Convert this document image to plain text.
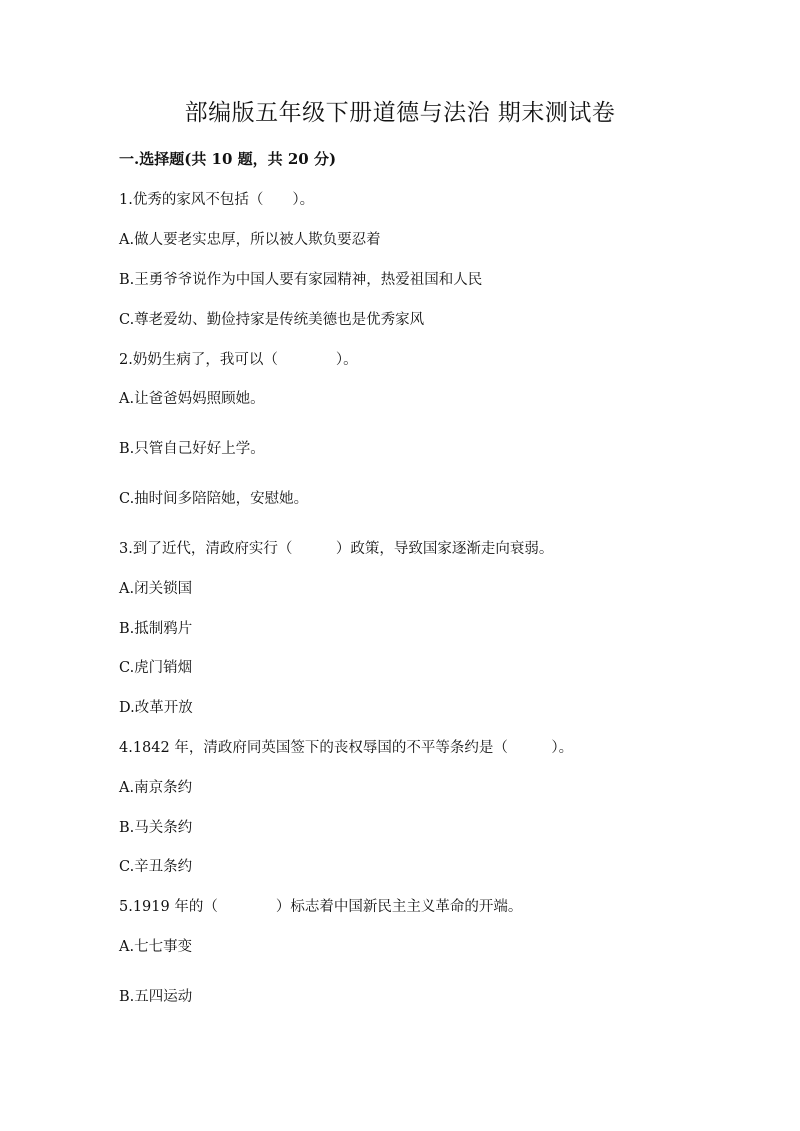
部编版五年级下册道德与法治 期末测试卷

一.选择题(共 10 题，共 20 分)

1.优秀的家风不包括（　　）。

A.做人要老实忠厚，所以被人欺负要忍着

B.王勇爷爷说作为中国人要有家园精神，热爱祖国和人民

C.尊老爱幼、勤俭持家是传统美德也是优秀家风

2.奶奶生病了，我可以（　　　　）。

A.让爸爸妈妈照顾她。

B.只管自己好好上学。

C.抽时间多陪陪她，安慰她。

3.到了近代，清政府实行（　　　）政策，导致国家逐渐走向衰弱。

A.闭关锁国

B.抵制鸦片

C.虎门销烟

D.改革开放

4.1842 年，清政府同英国签下的丧权辱国的不平等条约是（　　　）。

A.南京条约

B.马关条约

C.辛丑条约

5.1919 年的（　　　　）标志着中国新民主主义革命的开端。

A.七七事变

B.五四运动
